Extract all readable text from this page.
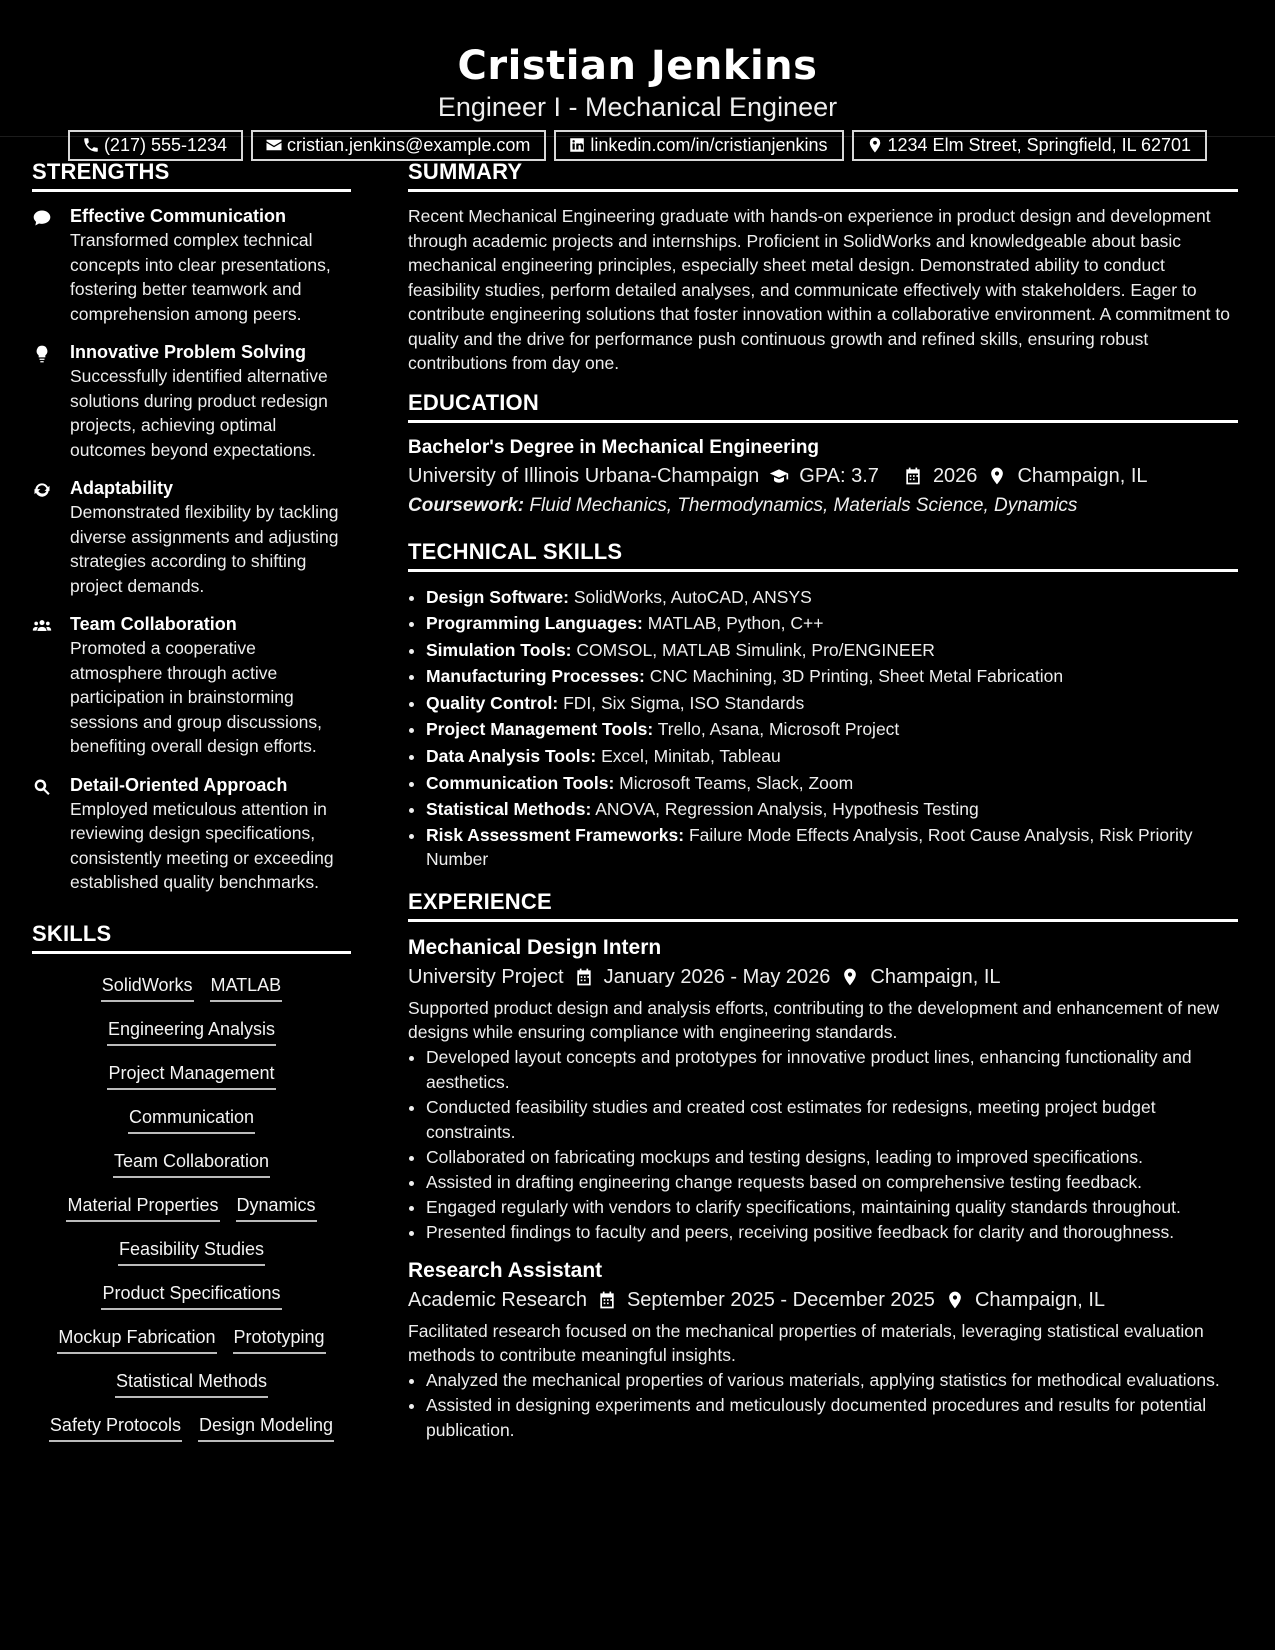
Cristian Jenkins
Engineer I - Mechanical Engineer
(217) 555-1234	cristian.jenkins@example.com	linkedin.com/in/cristianjenkins	1234 Elm Street, Springfield, IL 62701
STRENGTHS
Effective Communication
Transformed complex technical concepts into clear presentations, fostering better teamwork and comprehension among peers.
Innovative Problem Solving
Successfully identified alternative solutions during product redesign projects, achieving optimal outcomes beyond expectations.
Adaptability
Demonstrated flexibility by tackling diverse assignments and adjusting strategies according to shifting project demands.
Team Collaboration
Promoted a cooperative atmosphere through active participation in brainstorming sessions and group discussions, benefiting overall design efforts.
Detail-Oriented Approach
Employed meticulous attention in reviewing design specifications, consistently meeting or exceeding established quality benchmarks.
SKILLS
SolidWorks MATLAB
Engineering Analysis
Project Management
Communication
Team Collaboration
Material Properties Dynamics
Feasibility Studies
Product Specifications
Mockup Fabrication Prototyping
Statistical Methods
Safety Protocols Design Modeling
SUMMARY
Recent Mechanical Engineering graduate with hands-on experience in product design and development through academic projects and internships. Proficient in SolidWorks and knowledgeable about basic mechanical engineering principles, especially sheet metal design. Demonstrated ability to conduct feasibility studies, perform detailed analyses, and communicate effectively with stakeholders. Eager to contribute engineering solutions that foster innovation within a collaborative environment. A commitment to quality and the drive for performance push continuous growth and refined skills, ensuring robust contributions from day one.
EDUCATION
Bachelor's Degree in Mechanical Engineering
University of Illinois Urbana-Champaign GPA: 3.7	2026 Champaign, IL
Coursework: Fluid Mechanics, Thermodynamics, Materials Science, Dynamics
TECHNICAL SKILLS
• Design Software: SolidWorks, AutoCAD, ANSYS
• Programming Languages: MATLAB, Python, C++
• Simulation Tools: COMSOL, MATLAB Simulink, Pro/ENGINEER
• Manufacturing Processes: CNC Machining, 3D Printing, Sheet Metal Fabrication
• Quality Control: FDI, Six Sigma, ISO Standards
• Project Management Tools: Trello, Asana, Microsoft Project
• Data Analysis Tools: Excel, Minitab, Tableau
• Communication Tools: Microsoft Teams, Slack, Zoom
• Statistical Methods: ANOVA, Regression Analysis, Hypothesis Testing
• Risk Assessment Frameworks: Failure Mode Effects Analysis, Root Cause Analysis, Risk Priority Number
EXPERIENCE
Mechanical Design Intern
University Project January 2026 - May 2026 Champaign, IL
Supported product design and analysis efforts, contributing to the development and enhancement of new designs while ensuring compliance with engineering standards.
• Developed layout concepts and prototypes for innovative product lines, enhancing functionality and aesthetics.
• Conducted feasibility studies and created cost estimates for redesigns, meeting project budget constraints.
• Collaborated on fabricating mockups and testing designs, leading to improved specifications.
• Assisted in drafting engineering change requests based on comprehensive testing feedback.
• Engaged regularly with vendors to clarify specifications, maintaining quality standards throughout.
• Presented findings to faculty and peers, receiving positive feedback for clarity and thoroughness.
Research Assistant
Academic Research September 2025 - December 2025 Champaign, IL
Facilitated research focused on the mechanical properties of materials, leveraging statistical evaluation methods to contribute meaningful insights.
• Analyzed the mechanical properties of various materials, applying statistics for methodical evaluations.
• Assisted in designing experiments and meticulously documented procedures and results for potential publication.
